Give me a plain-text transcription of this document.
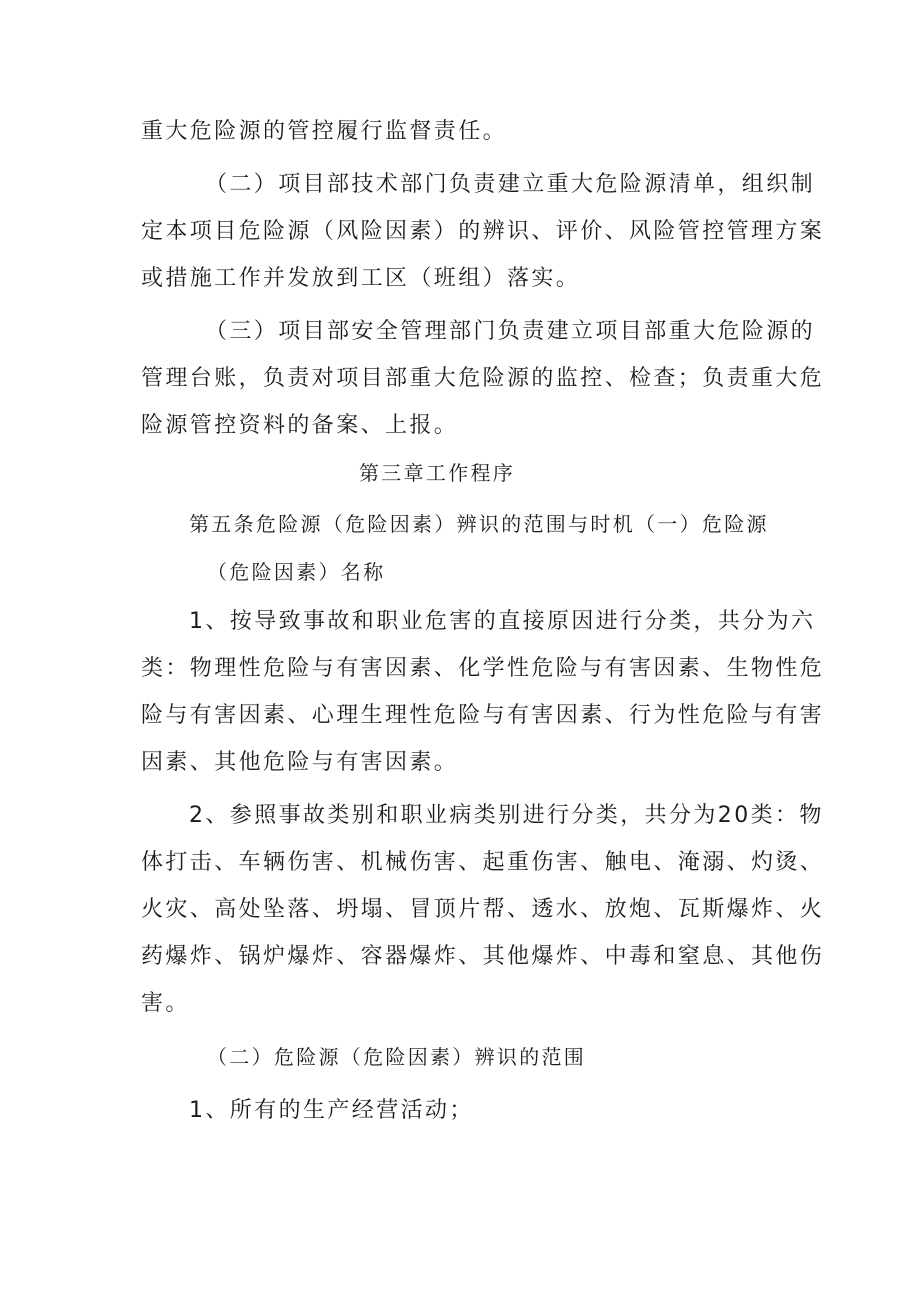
重大危险源的管控履行监督责任。
（二）项目部技术部门负责建立重大危险源清单，组织制
定本项目危险源（风险因素）的辨识、评价、风险管控管理方案
或措施工作并发放到工区（班组）落实。
（三）项目部安全管理部门负责建立项目部重大危险源的
管理台账，负责对项目部重大危险源的监控、检查；负责重大危
险源管控资料的备案、上报。
第三章工作程序
第五条危险源（危险因素）辨识的范围与时机（一）危险源
（危险因素）名称
1、按导致事故和职业危害的直接原因进行分类，共分为六
类：物理性危险与有害因素、化学性危险与有害因素、生物性危
险与有害因素、心理生理性危险与有害因素、行为性危险与有害
因素、其他危险与有害因素。
2、参照事故类别和职业病类别进行分类，共分为20类：物
体打击、车辆伤害、机械伤害、起重伤害、触电、淹溺、灼烫、
火灾、高处坠落、坍塌、冒顶片帮、透水、放炮、瓦斯爆炸、火
药爆炸、锅炉爆炸、容器爆炸、其他爆炸、中毒和窒息、其他伤
害。
（二）危险源（危险因素）辨识的范围
1、所有的生产经营活动；
